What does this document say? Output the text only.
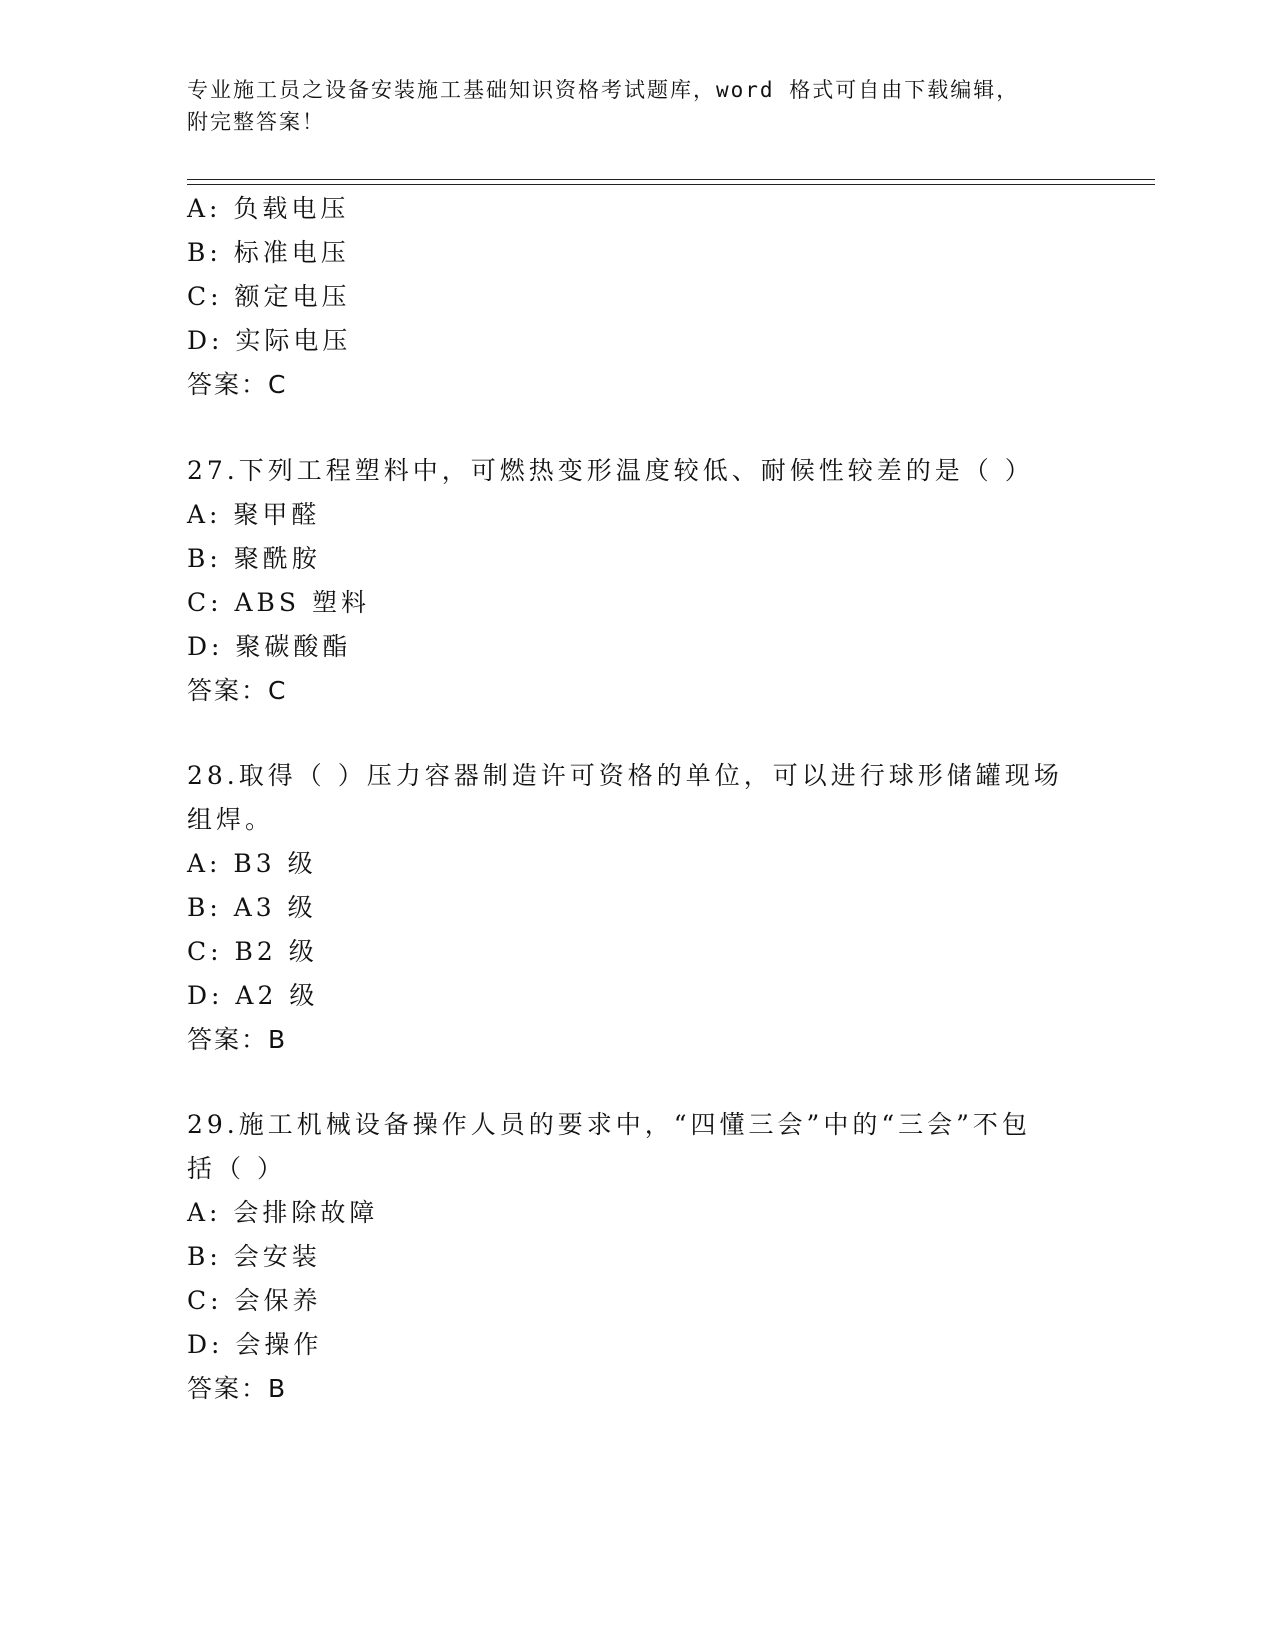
专业施工员之设备安装施工基础知识资格考试题库，word 格式可自由下载编辑，
附完整答案！
A: 负载电压
B: 标准电压
C: 额定电压
D: 实际电压
答案：C
27.下列工程塑料中，可燃热变形温度较低、耐候性较差的是（ ）
A: 聚甲醛
B: 聚酰胺
C: ABS 塑料
D: 聚碳酸酯
答案：C
28.取得（ ）压力容器制造许可资格的单位，可以进行球形储罐现场
组焊。
A: B3 级
B: A3 级
C: B2 级
D: A2 级
答案：B
29.施工机械设备操作人员的要求中，“四懂三会”中的“三会”不包
括（ ）
A: 会排除故障
B: 会安装
C: 会保养
D: 会操作
答案：B
